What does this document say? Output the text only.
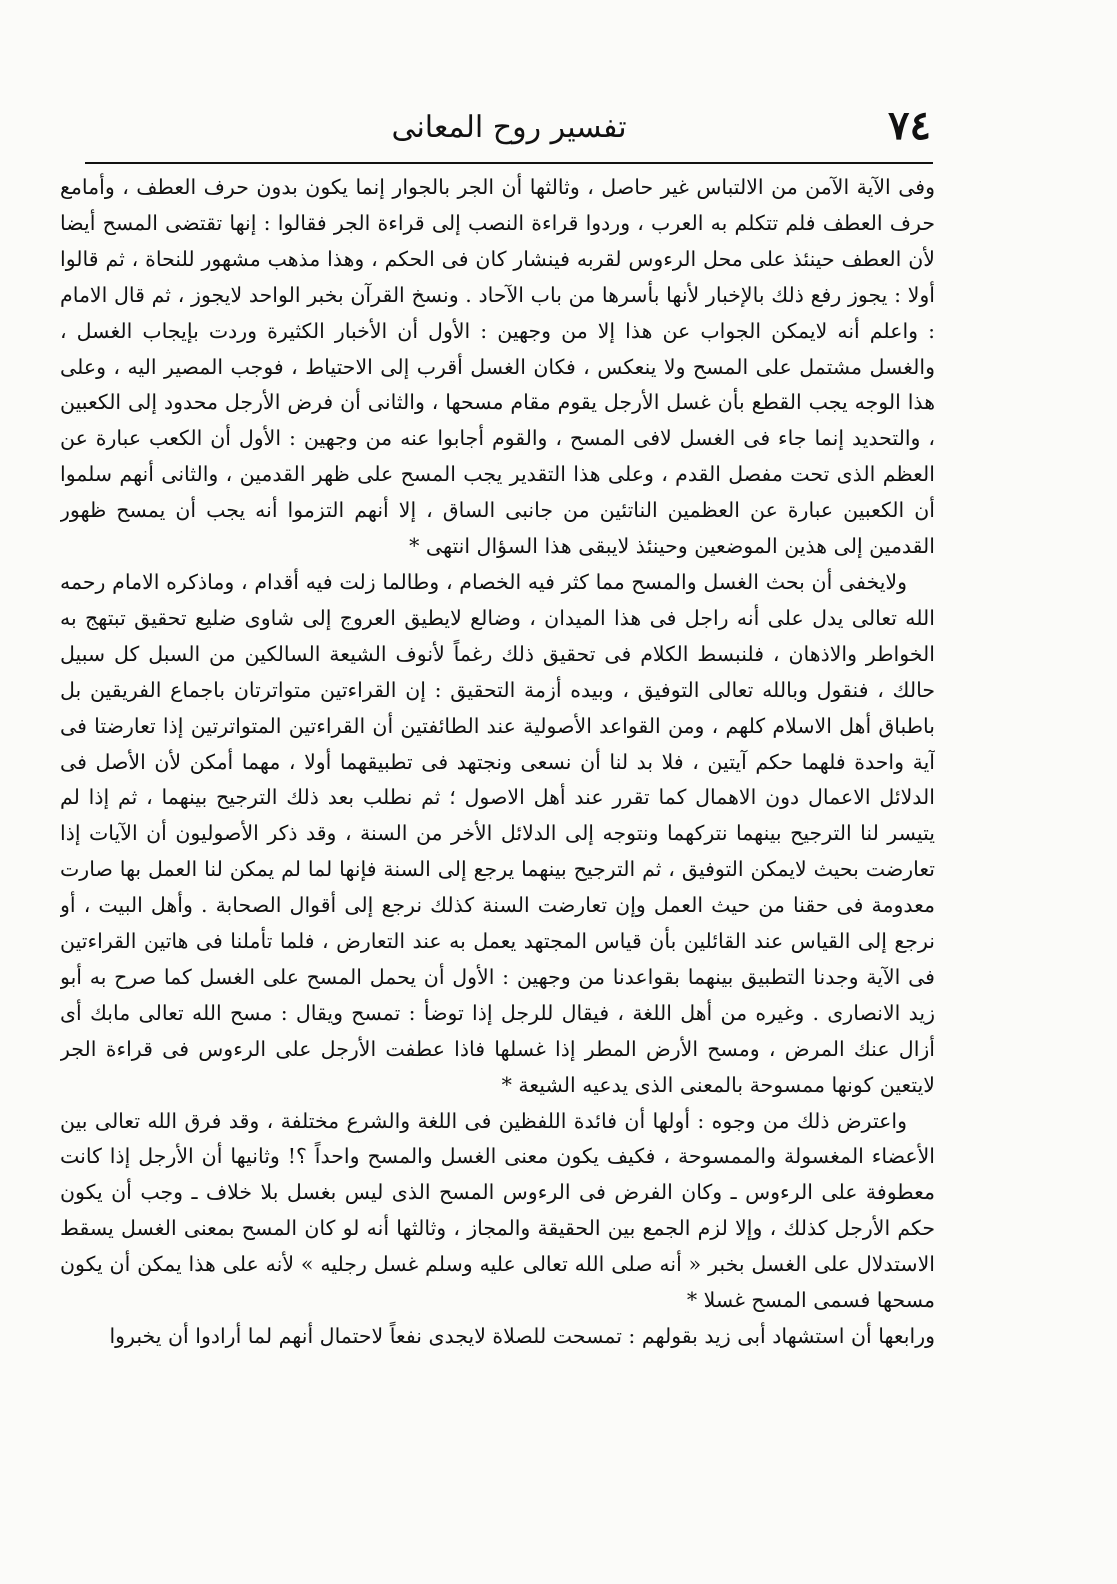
تفسير روح المعانى	٧٤

وفى الآية الآمن من الالتباس غير حاصل ، وثالثها أن الجر بالجوار إنما يكون بدون حرف العطف ، وأمامع حرف العطف فلم تتكلم به العرب ، وردوا قراءة النصب إلى قراءة الجر فقالوا : إنها تقتضى المسح أيضا لأن العطف حينئذ على محل الرءوس لقربه فينشار كان فى الحكم ، وهذا مذهب مشهور للنحاة ، ثم قالوا أولا : يجوز رفع ذلك بالإخبار لأنها بأسرها من باب الآحاد . ونسخ القرآن بخبر الواحد لايجوز ، ثم قال الامام : واعلم أنه لايمكن الجواب عن هذا إلا من وجهين : الأول أن الأخبار الكثيرة وردت بإيجاب الغسل ، والغسل مشتمل على المسح ولا ينعكس ، فكان الغسل أقرب إلى الاحتياط ، فوجب المصير اليه ، وعلى هذا الوجه يجب القطع بأن غسل الأرجل يقوم مقام مسحها ، والثانى أن فرض الأرجل محدود إلى الكعبين ، والتحديد إنما جاء فى الغسل لافى المسح ، والقوم أجابوا عنه من وجهين : الأول أن الكعب عبارة عن العظم الذى تحت مفصل القدم ، وعلى هذا التقدير يجب المسح على ظهر القدمين ، والثانى أنهم سلموا أن الكعبين عبارة عن العظمين الناتئين من جانبى الساق ، إلا أنهم التزموا أنه يجب أن يمسح ظهور القدمين إلى هذين الموضعين وحينئذ لايبقى هذا السؤال انتهى *

ولايخفى أن بحث الغسل والمسح مما كثر فيه الخصام ، وطالما زلت فيه أقدام ، وماذكره الامام رحمه الله تعالى يدل على أنه راجل فى هذا الميدان ، وضالع لايطيق العروج إلى شاوى ضليع تحقيق تبتهج به الخواطر والاذهان ، فلنبسط الكلام فى تحقيق ذلك رغماً لأنوف الشيعة السالكين من السبل كل سبيل حالك ، فنقول وبالله تعالى التوفيق ، وبيده أزمة التحقيق : إن القراءتين متواترتان باجماع الفريقين بل باطباق أهل الاسلام كلهم ، ومن القواعد الأصولية عند الطائفتين أن القراءتين المتواترتين إذا تعارضتا فى آية واحدة فلهما حكم آيتين ، فلا بد لنا أن نسعى ونجتهد فى تطبيقهما أولا ، مهما أمكن لأن الأصل فى الدلائل الاعمال دون الاهمال كما تقرر عند أهل الاصول ؛ ثم نطلب بعد ذلك الترجيح بينهما ، ثم إذا لم يتيسر لنا الترجيح بينهما نتركهما ونتوجه إلى الدلائل الأخر من السنة ، وقد ذكر الأصوليون أن الآيات إذا تعارضت بحيث لايمكن التوفيق ، ثم الترجيح بينهما يرجع إلى السنة فإنها لما لم يمكن لنا العمل بها صارت معدومة فى حقنا من حيث العمل وإن تعارضت السنة كذلك نرجع إلى أقوال الصحابة . وأهل البيت ، أو نرجع إلى القياس عند القائلين بأن قياس المجتهد يعمل به عند التعارض ، فلما تأملنا فى هاتين القراءتين فى الآية وجدنا التطبيق بينهما بقواعدنا من وجهين : الأول أن يحمل المسح على الغسل كما صرح به أبو زيد الانصارى . وغيره من أهل اللغة ، فيقال للرجل إذا توضأ : تمسح ويقال : مسح الله تعالى مابك أى أزال عنك المرض ، ومسح الأرض المطر إذا غسلها فاذا عطفت الأرجل على الرءوس فى قراءة الجر لايتعين كونها ممسوحة بالمعنى الذى يدعيه الشيعة *

واعترض ذلك من وجوه : أولها أن فائدة اللفظين فى اللغة والشرع مختلفة ، وقد فرق الله تعالى بين الأعضاء المغسولة والممسوحة ، فكيف يكون معنى الغسل والمسح واحداً ؟! وثانيها أن الأرجل إذا كانت معطوفة على الرءوس ـ وكان الفرض فى الرءوس المسح الذى ليس بغسل بلا خلاف ـ وجب أن يكون حكم الأرجل كذلك ، وإلا لزم الجمع بين الحقيقة والمجاز ، وثالثها أنه لو كان المسح بمعنى الغسل يسقط الاستدلال على الغسل بخبر « أنه صلى الله تعالى عليه وسلم غسل رجليه » لأنه على هذا يمكن أن يكون مسحها فسمى المسح غسلا *

ورابعها أن استشهاد أبى زيد بقولهم : تمسحت للصلاة لايجدى نفعاً لاحتمال أنهم لما أرادوا أن يخبروا
